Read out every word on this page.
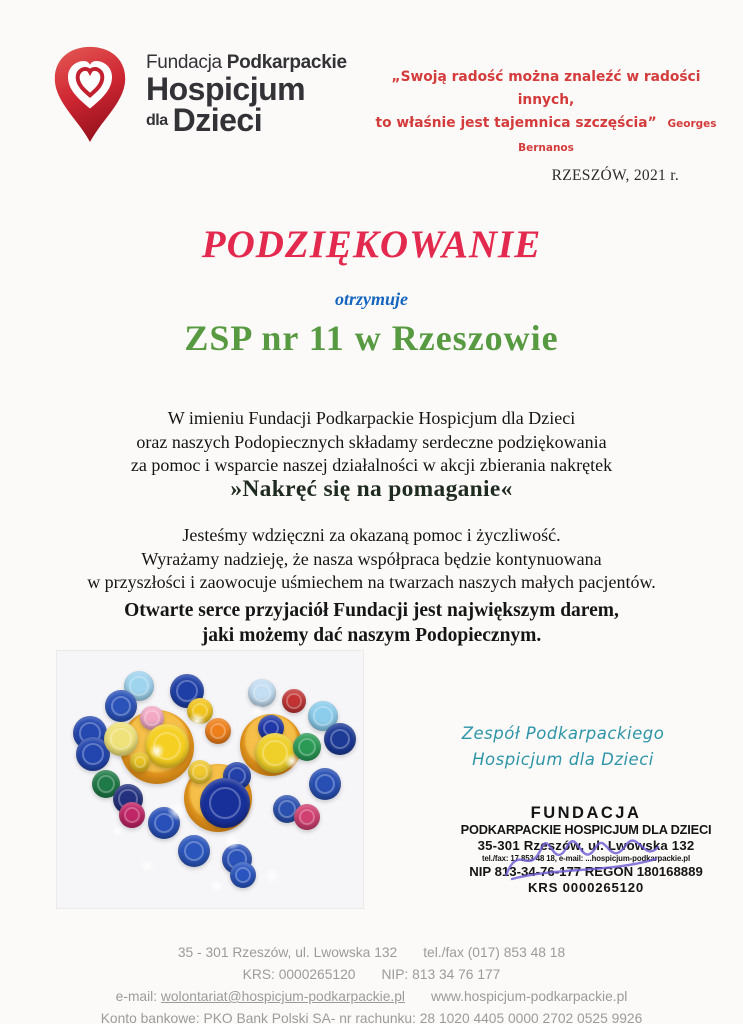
Fundacja Podkarpackie
Hospicjum
dla Dzieci
„Swoją radość można znaleźć w radości innych,
to właśnie jest tajemnica szczęścia” Georges Bernanos
RZESZÓW, 2021 r.
PODZIĘKOWANIE
otrzymuje
ZSP nr 11 w Rzeszowie
W imieniu Fundacji Podkarpackie Hospicjum dla Dzieci
oraz naszych Podopiecznych składamy serdeczne podziękowania
za pomoc i wsparcie naszej działalności w akcji zbierania nakrętek
»Nakręć się na pomaganie«
Jesteśmy wdzięczni za okazaną pomoc i życzliwość.
Wyrażamy nadzieję, że nasza współpraca będzie kontynuowana
w przyszłości i zaowocuje uśmiechem na twarzach naszych małych pacjentów.
Otwarte serce przyjaciół Fundacji jest największym darem,
jaki możemy dać naszym Podopiecznym.
Zespół Podkarpackiego
Hospicjum dla Dzieci
FUNDACJA
PODKARPACKIE HOSPICJUM DLA DZIECI
35-301 Rzeszów, ul. Lwowska 132
tel./fax: 17 853 48 18, e-mail: ...hospicjum-podkarpackie.pl
NIP 813-34-76-177 REGON 180168889
KRS 0000265120
35 - 301 Rzeszów, ul. Lwowska 132 tel./fax (017) 853 48 18
KRS: 0000265120 NIP: 813 34 76 177
e-mail: wolontariat@hospicjum-podkarpackie.pl www.hospicjum-podkarpackie.pl
Konto bankowe: PKO Bank Polski SA- nr rachunku: 28 1020 4405 0000 2702 0525 9926
